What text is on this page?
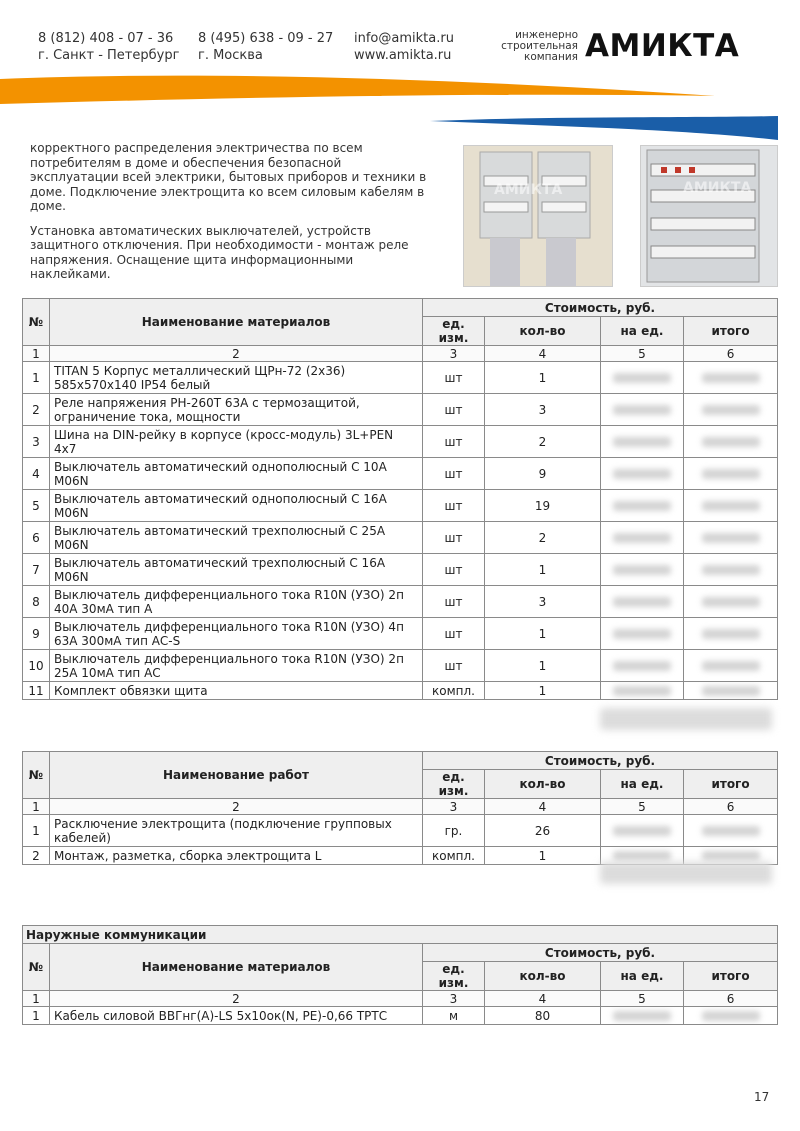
8 (812) 408 - 07 - 36
г. Санкт - Петербург
8 (495) 638 - 09 - 27
г. Москва
info@amikta.ru
www.amikta.ru
инженерно
строительная
компания АМИКТА

корректного распределения электричества по всем потребителям в доме и обеспечения безопасной эксплуатации всей электрики, бытовых приборов и техники в доме. Подключение электрощита ко всем силовым кабелям в доме.

Установка автоматических выключателей, устройств защитного отключения. При необходимости - монтаж реле напряжения. Оснащение щита информационными наклейками.

АМИКТА	АМИКТА
№	Наименование материалов	Стоимость, руб.			
		ед. изм.	кол-во	на ед.	итого
1	2	3	4	5	6
1	TITAN 5 Корпус металлический ЩРн-72 (2х36) 585x570x140 IP54 белый	шт	1	

2	Реле напряжения РН-260Т 63А с термозащитой, ограничение тока, мощности	шт	3	

3	Шина на DIN-рейку в корпусе (кросс-модуль) 3L+PEN 4х7	шт	2	

4	Выключатель автоматический однополюсный С 10А М06N	шт	9	

5	Выключатель автоматический однополюсный С 16А М06N	шт	19	

6	Выключатель автоматический трехполюсный С 25А М06N	шт	2	

7	Выключатель автоматический трехполюсный С 16А М06N	шт	1	

8	Выключатель дифференциального тока R10N (УЗО) 2п 40А 30мА тип А	шт	3	

9	Выключатель дифференциального тока R10N (УЗО) 4п 63А 300мА тип АС-S	шт	1	

10	Выключатель дифференциального тока R10N (УЗО) 2п 25А 10мА тип АС	шт	1	

11	Комплект обвязки щита	компл.	1	

№	Наименование работ	Стоимость, руб.			
		ед. изм.	кол-во	на ед.	итого
1	2	3	4	5	6
1	Расключение электрощита (подключение групповых кабелей)	гр.	26	

2	Монтаж, разметка, сборка электрощита L	компл.	1	

Наружные коммуникации					
№	Наименование материалов	Стоимость, руб.			
		ед. изм.	кол-во	на ед.	итого
1	2	3	4	5	6
1	Кабель силовой ВВГнг(А)-LS 5x10ок(N, PE)-0,66 ТРТС	м	80	

17
